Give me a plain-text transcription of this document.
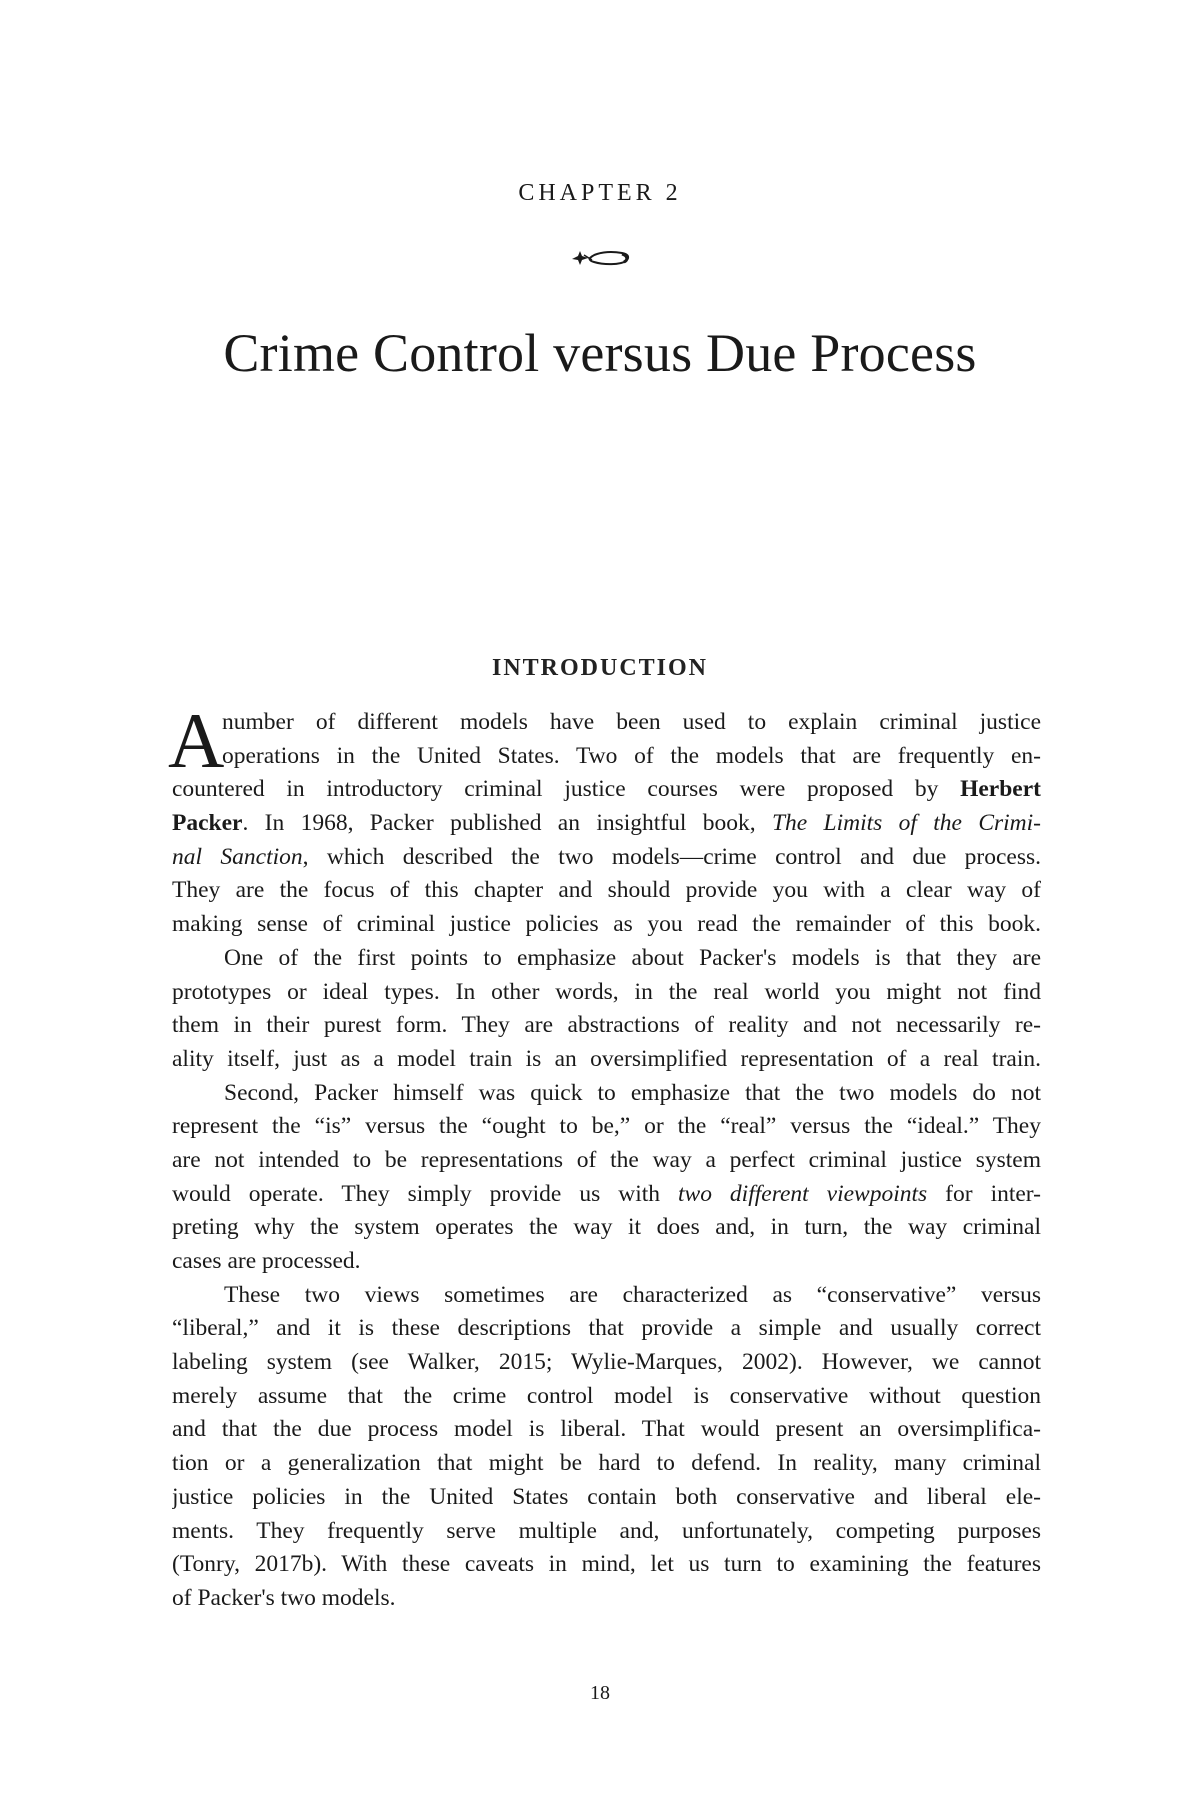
CHAPTER 2
Crime Control versus Due Process
INTRODUCTION
A
number of different models have been used to explain criminal justice
operations in the United States. Two of the models that are frequently en-
countered in introductory criminal justice courses were proposed by Herbert
Packer. In 1968, Packer published an insightful book, The Limits of the Crimi-
nal Sanction, which described the two models—crime control and due process.
They are the focus of this chapter and should provide you with a clear way of
making sense of criminal justice policies as you read the remainder of this book.
One of the first points to emphasize about Packer's models is that they are
prototypes or ideal types. In other words, in the real world you might not find
them in their purest form. They are abstractions of reality and not necessarily re-
ality itself, just as a model train is an oversimplified representation of a real train.
Second, Packer himself was quick to emphasize that the two models do not
represent the “is” versus the “ought to be,” or the “real” versus the “ideal.” They
are not intended to be representations of the way a perfect criminal justice system
would operate. They simply provide us with two different viewpoints for inter-
preting why the system operates the way it does and, in turn, the way criminal
cases are processed.
These two views sometimes are characterized as “conservative” versus
“liberal,” and it is these descriptions that provide a simple and usually correct
labeling system (see Walker, 2015; Wylie-Marques, 2002). However, we cannot
merely assume that the crime control model is conservative without question
and that the due process model is liberal. That would present an oversimplifica-
tion or a generalization that might be hard to defend. In reality, many criminal
justice policies in the United States contain both conservative and liberal ele-
ments. They frequently serve multiple and, unfortunately, competing purposes
(Tonry, 2017b). With these caveats in mind, let us turn to examining the features
of Packer's two models.
18
